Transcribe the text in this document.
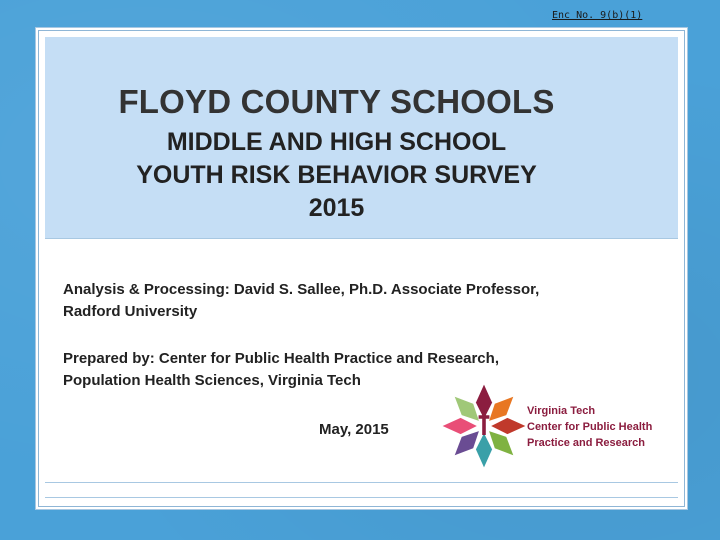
Enc No. 9(b)(1)
FLOYD COUNTY SCHOOLS
MIDDLE AND HIGH SCHOOL
YOUTH RISK BEHAVIOR SURVEY
2015
Analysis & Processing: David S. Sallee, Ph.D. Associate Professor,
Radford University
Prepared by: Center for Public Health Practice and Research,
Population Health Sciences, Virginia Tech
May, 2015
Virginia Tech
Center for Public Health
Practice and Research
